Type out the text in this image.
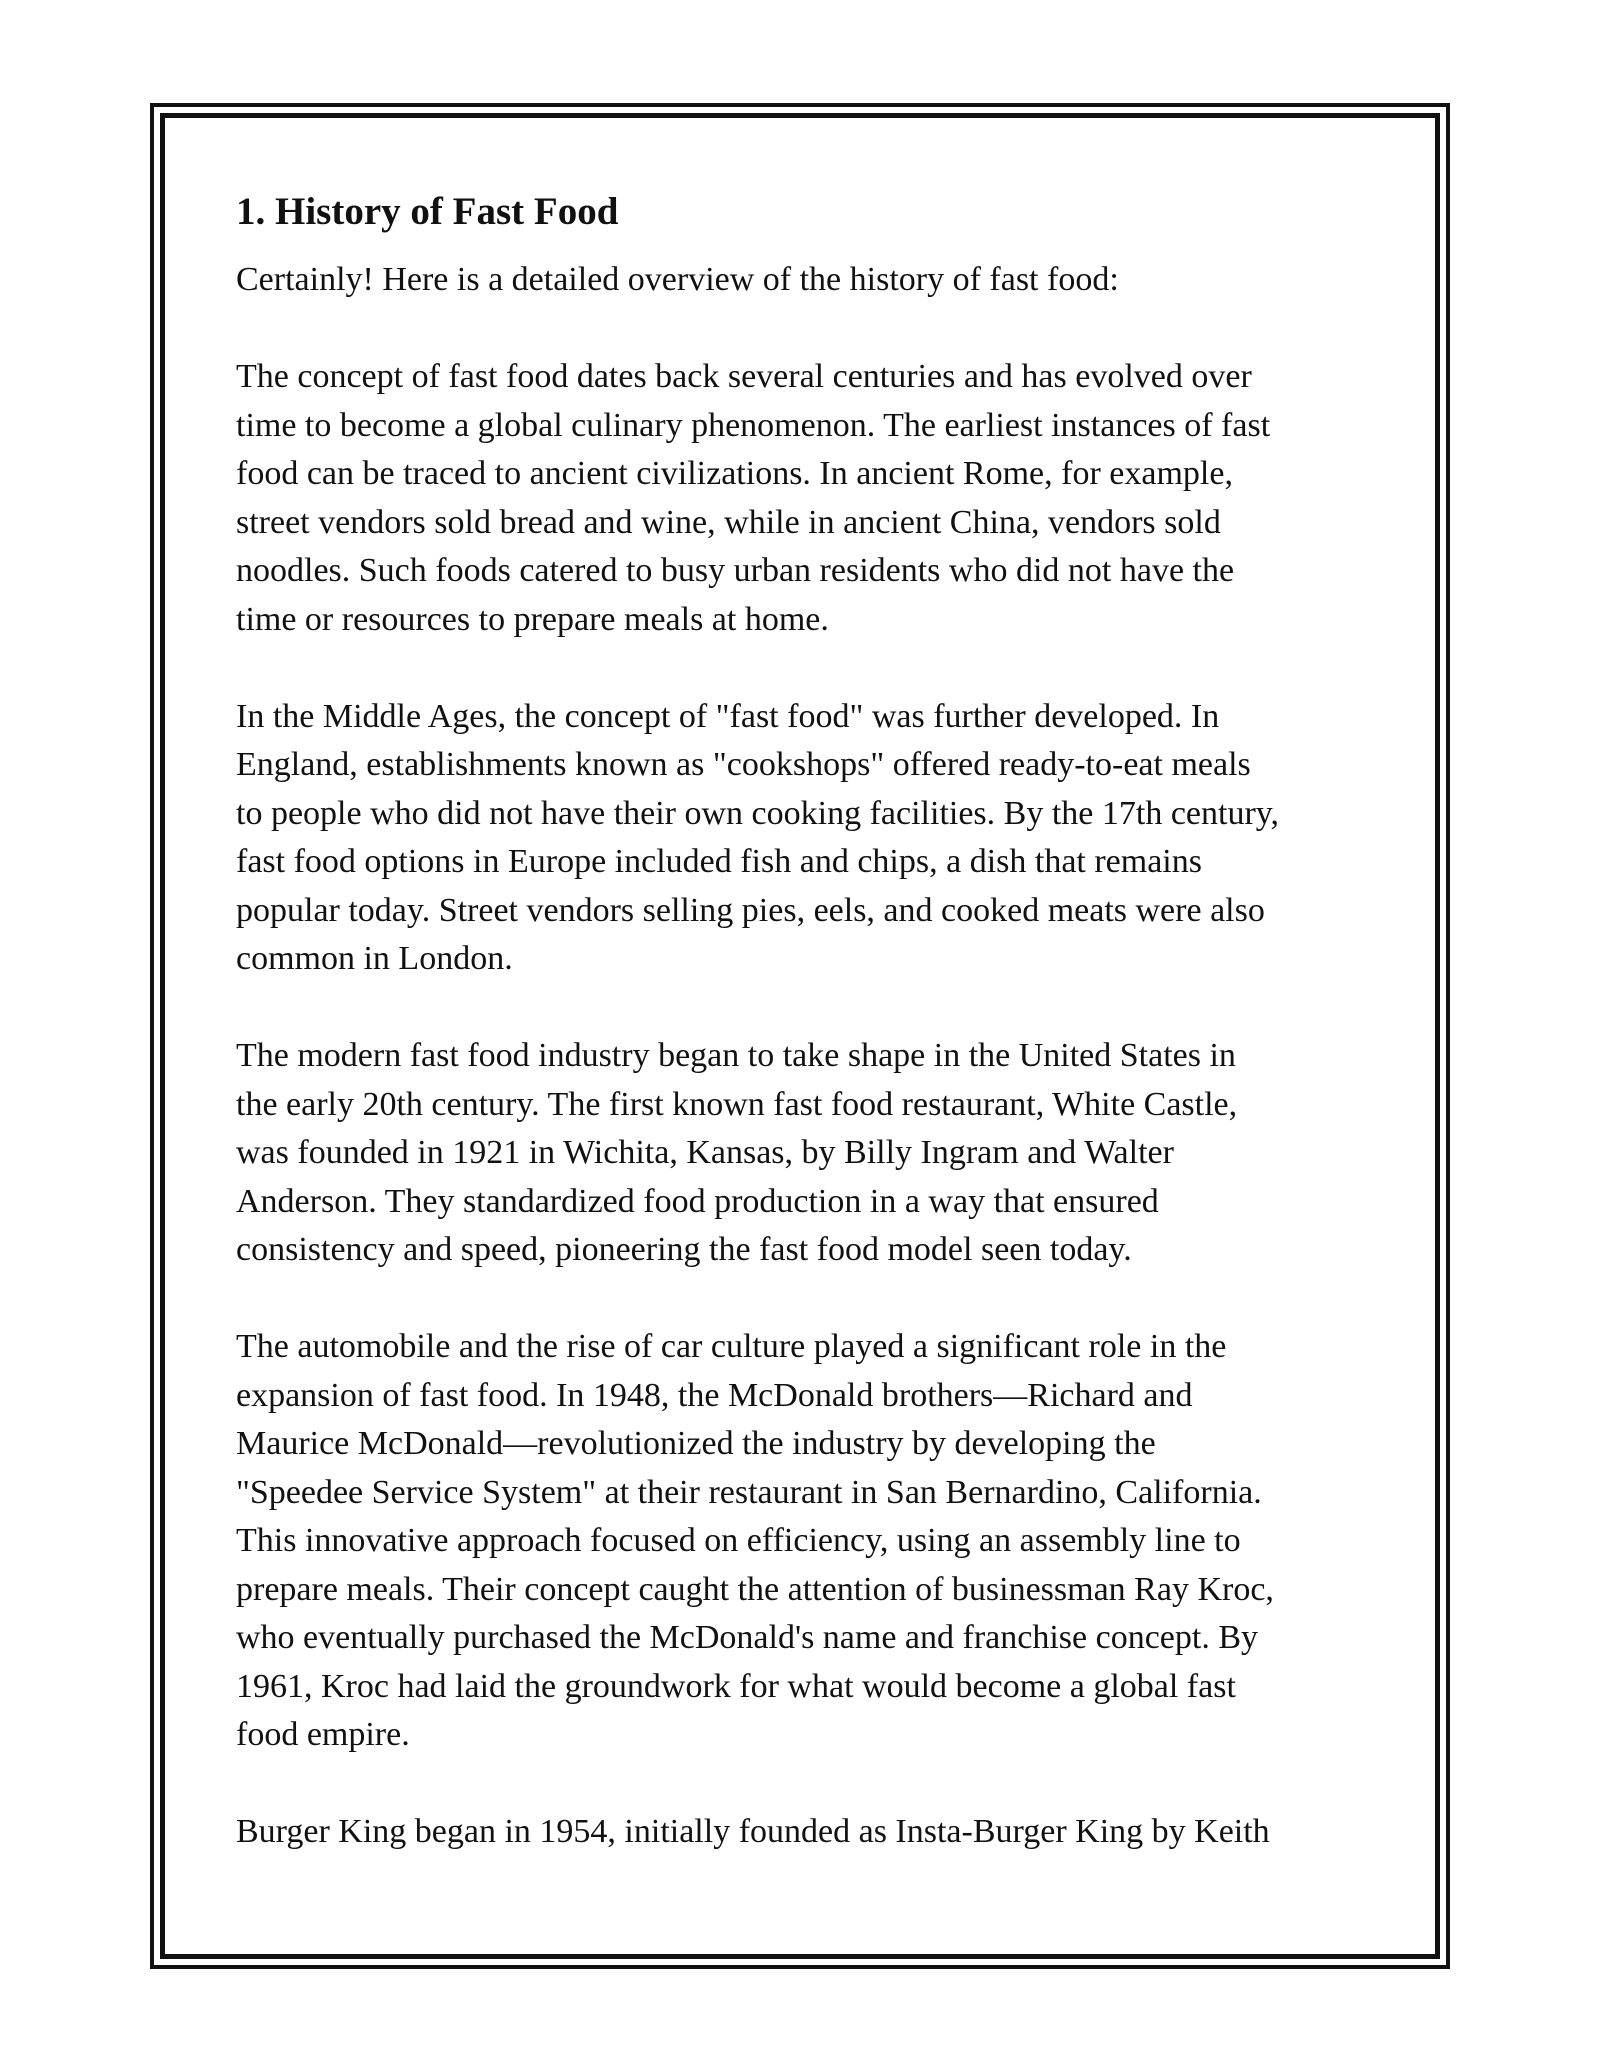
1. History of Fast Food

Certainly! Here is a detailed overview of the history of fast food:

The concept of fast food dates back several centuries and has evolved over
time to become a global culinary phenomenon. The earliest instances of fast
food can be traced to ancient civilizations. In ancient Rome, for example,
street vendors sold bread and wine, while in ancient China, vendors sold
noodles. Such foods catered to busy urban residents who did not have the
time or resources to prepare meals at home.

In the Middle Ages, the concept of "fast food" was further developed. In
England, establishments known as "cookshops" offered ready-to-eat meals
to people who did not have their own cooking facilities. By the 17th century,
fast food options in Europe included fish and chips, a dish that remains
popular today. Street vendors selling pies, eels, and cooked meats were also
common in London.

The modern fast food industry began to take shape in the United States in
the early 20th century. The first known fast food restaurant, White Castle,
was founded in 1921 in Wichita, Kansas, by Billy Ingram and Walter
Anderson. They standardized food production in a way that ensured
consistency and speed, pioneering the fast food model seen today.

The automobile and the rise of car culture played a significant role in the
expansion of fast food. In 1948, the McDonald brothers—Richard and
Maurice McDonald—revolutionized the industry by developing the
"Speedee Service System" at their restaurant in San Bernardino, California.
This innovative approach focused on efficiency, using an assembly line to
prepare meals. Their concept caught the attention of businessman Ray Kroc,
who eventually purchased the McDonald's name and franchise concept. By
1961, Kroc had laid the groundwork for what would become a global fast
food empire.

Burger King began in 1954, initially founded as Insta-Burger King by Keith
